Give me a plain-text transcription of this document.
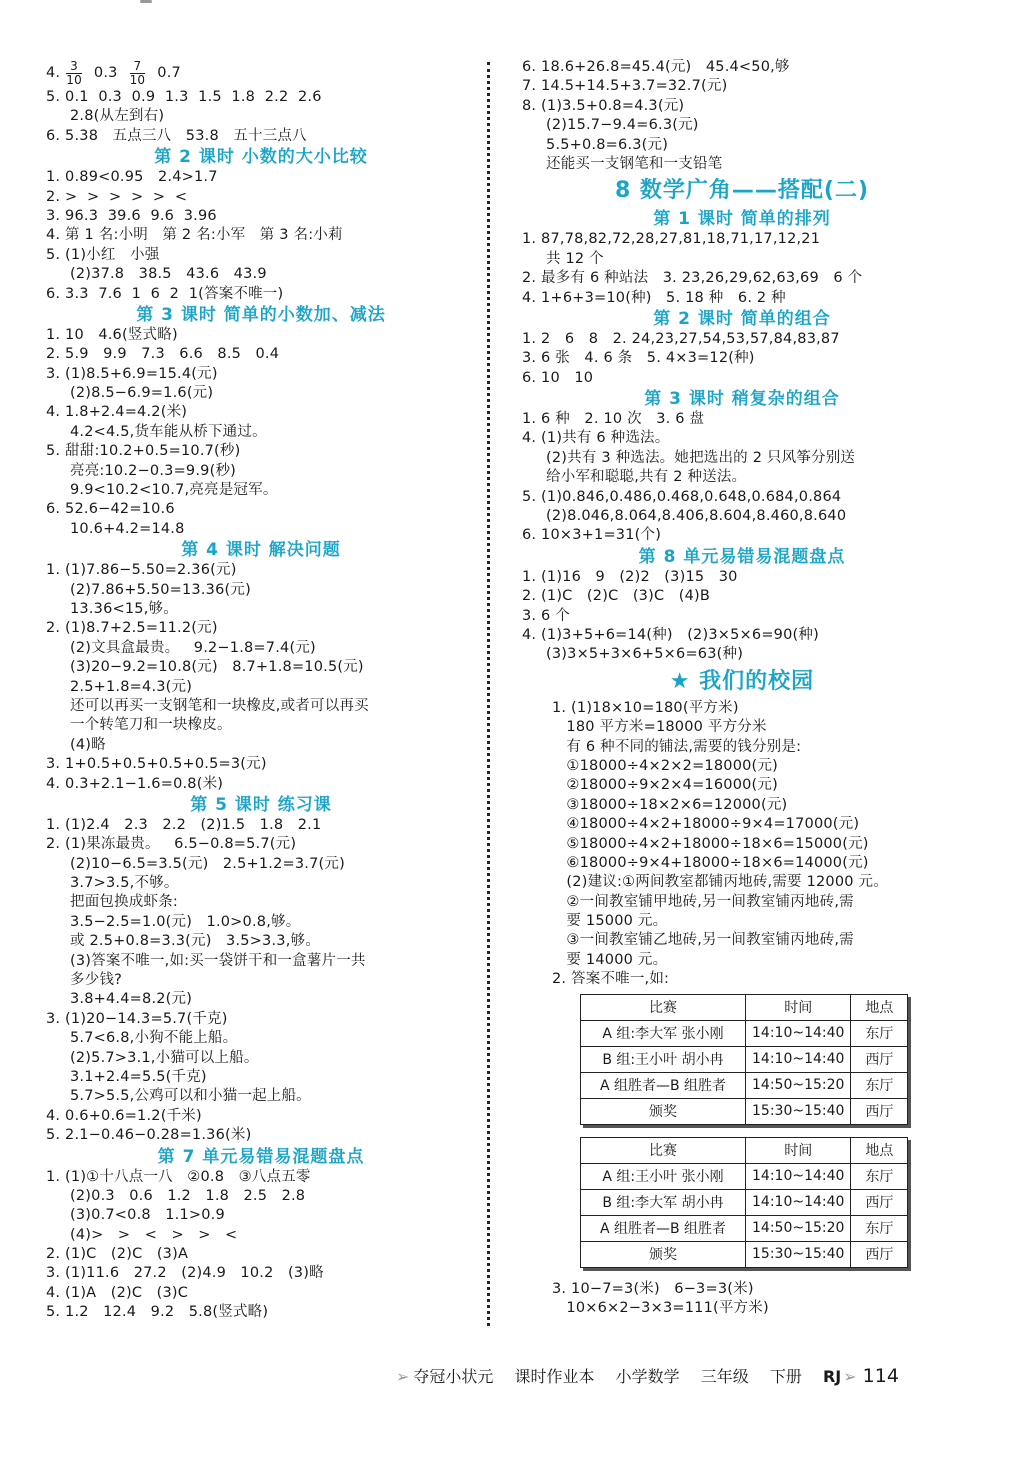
4. $\frac{3}{10} 0.3 \frac{7}{10} 0.7$
5. 0.1  0.3  0.9  1.3  1.5  1.8  2.2  2.6
2.8(从左到右)
6. 5.38   五点三八   53.8   五十三点八
第 2 课时 小数的大小比较
1. 0.89<0.95   2.4>1.7
2. >  >  >  >  >  <
3. 96.3  39.6  9.6  3.96
4. 第 1 名:小明   第 2 名:小军   第 3 名:小莉
5. (1)小红   小强
(2)37.8   38.5   43.6   43.9
6. 3.3  7.6  1  6  2  1(答案不唯一)
第 3 课时 简单的小数加、减法
1. 10   4.6(竖式略)
2. 5.9   9.9   7.3   6.6   8.5   0.4
3. (1)8.5+6.9=15.4(元)
(2)8.5−6.9=1.6(元)
4. 1.8+2.4=4.2(米)
4.2<4.5,货车能从桥下通过。
5. 甜甜:10.2+0.5=10.7(秒)
亮亮:10.2−0.3=9.9(秒)
9.9<10.2<10.7,亮亮是冠军。
6. 52.6−42=10.6
10.6+4.2=14.8
第 4 课时 解决问题
1. (1)7.86−5.50=2.36(元)
(2)7.86+5.50=13.36(元)
13.36<15,够。
2. (1)8.7+2.5=11.2(元)
(2)文具盒最贵。   9.2−1.8=7.4(元)
(3)20−9.2=10.8(元)   8.7+1.8=10.5(元)
2.5+1.8=4.3(元)
还可以再买一支钢笔和一块橡皮,或者可以再买
一个转笔刀和一块橡皮。
(4)略
3. 1+0.5+0.5+0.5+0.5=3(元)
4. 0.3+2.1−1.6=0.8(米)
第 5 课时 练习课
1. (1)2.4   2.3   2.2   (2)1.5   1.8   2.1
2. (1)果冻最贵。   6.5−0.8=5.7(元)
(2)10−6.5=3.5(元)   2.5+1.2=3.7(元)
3.7>3.5,不够。
把面包换成虾条:
3.5−2.5=1.0(元)   1.0>0.8,够。
或 2.5+0.8=3.3(元)   3.5>3.3,够。
(3)答案不唯一,如:买一袋饼干和一盒薯片一共
多少钱?
3.8+4.4=8.2(元)
3. (1)20−14.3=5.7(千克)
5.7<6.8,小狗不能上船。
(2)5.7>3.1,小猫可以上船。
3.1+2.4=5.5(千克)
5.7>5.5,公鸡可以和小猫一起上船。
4. 0.6+0.6=1.2(千米)
5. 2.1−0.46−0.28=1.36(米)
第 7 单元易错易混题盘点
1. (1)①十八点一八   ②0.8   ③八点五零
(2)0.3   0.6   1.2   1.8   2.5   2.8
(3)0.7<0.8   1.1>0.9
(4)>   >   <   >   >   <
2. (1)C   (2)C   (3)A
3. (1)11.6   27.2   (2)4.9   10.2   (3)略
4. (1)A   (2)C   (3)C
5. 1.2   12.4   9.2   5.8(竖式略)
6. 18.6+26.8=45.4(元)   45.4<50,够
7. 14.5+14.5+3.7=32.7(元)
8. (1)3.5+0.8=4.3(元)
(2)15.7−9.4=6.3(元)
5.5+0.8=6.3(元)
还能买一支钢笔和一支铅笔
8 数学广角——搭配(二)
第 1 课时 简单的排列
1. 87,78,82,72,28,27,81,18,71,17,12,21
共 12 个
2. 最多有 6 种站法   3. 23,26,29,62,63,69   6 个
4. 1+6+3=10(种)   5. 18 种   6. 2 种
第 2 课时 简单的组合
1. 2   6   8   2. 24,23,27,54,53,57,84,83,87
3. 6 张   4. 6 条   5. 4×3=12(种)
6. 10   10
第 3 课时 稍复杂的组合
1. 6 种   2. 10 次   3. 6 盘
4. (1)共有 6 种选法。
(2)共有 3 种选法。她把选出的 2 只风筝分别送
给小军和聪聪,共有 2 种送法。
5. (1)0.846,0.486,0.468,0.648,0.684,0.864
(2)8.046,8.064,8.406,8.604,8.460,8.640
6. 10×3+1=31(个)
第 8 单元易错易混题盘点
1. (1)16   9   (2)2   (3)15   30
2. (1)C   (2)C   (3)C   (4)B
3. 6 个
4. (1)3+5+6=14(种)   (2)3×5×6=90(种)
(3)3×5+3×6+5×6=63(种)
★ 我们的校园
1. (1)18×10=180(平方米)
180 平方米=18000 平方分米
有 6 种不同的铺法,需要的钱分别是:
①18000÷4×2×2=18000(元)
②18000÷9×2×4=16000(元)
③18000÷18×2×6=12000(元)
④18000÷4×2+18000÷9×4=17000(元)
⑤18000÷4×2+18000÷18×6=15000(元)
⑥18000÷9×4+18000÷18×6=14000(元)
(2)建议:①两间教室都铺丙地砖,需要 12000 元。
②一间教室铺甲地砖,另一间教室铺丙地砖,需
要 15000 元。
③一间教室铺乙地砖,另一间教室铺丙地砖,需
要 14000 元。
2. 答案不唯一,如:
比赛	时间	地点
A 组:李大军 张小刚	14:10~14:40	东厅
B 组:王小叶 胡小冉	14:10~14:40	西厅
A 组胜者—B 组胜者	14:50~15:20	东厅
颁奖	15:30~15:40	西厅
比赛	时间	地点
A 组:王小叶 张小刚	14:10~14:40	东厅
B 组:李大军 胡小冉	14:10~14:40	西厅
A 组胜者—B 组胜者	14:50~15:20	东厅
颁奖	15:30~15:40	西厅
3. 10−7=3(米)   6−3=3(米)
10×6×2−3×3=111(平方米)
➢ 夺冠小状元 课时作业本 小学数学 三年级 下册 RJ ➢ 114
